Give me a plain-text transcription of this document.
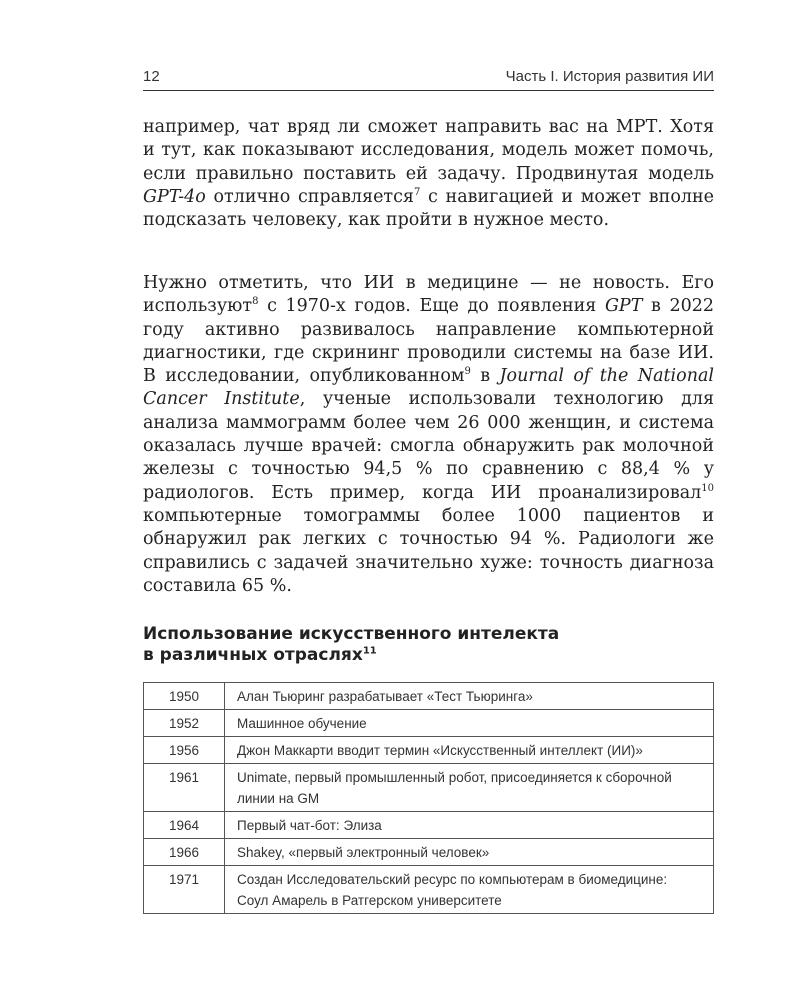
12	Часть I. История развития ИИ

например, чат вряд ли сможет направить вас на МРТ. Хотя и тут, как показывают исследования, модель может помочь, если правильно поставить ей задачу. Продвинутая модель GPT-4o отлично справляется$^7$ с навигацией и может вполне подсказать человеку, как пройти в нужное место.

Нужно отметить, что ИИ в медицине — не новость. Его используют$^8$ с 1970-х годов. Еще до появления GPT в 2022 году активно развивалось направление компьютерной диагностики, где скрининг проводили системы на базе ИИ. В исследовании, опубликованном$^9$ в Journal of the National Cancer Institute, ученые использовали технологию для анализа маммограмм более чем 26 000 женщин, и система оказалась лучше врачей: смогла обнаружить рак молочной железы с точностью 94,5 % по сравнению с 88,4 % у радиологов. Есть пример, когда ИИ проанализировал$^{10}$ компьютерные томограммы более 1000 пациентов и обнаружил рак легких с точностью 94 %. Радиологи же справились с задачей значительно хуже: точность диагноза составила 65 %.

Использование искусственного интелекта
в различных отраслях$^{11}$
1950	Алан Тьюринг разрабатывает «Тест Тьюринга»
1952	Машинное обучение
1956	Джон Маккарти вводит термин «Искусственный интеллект (ИИ)»
1961	Unimate, первый промышленный робот, присоединяется к сборочной линии на GM
1964	Первый чат-бот: Элиза
1966	Shakey, «первый электронный человек»
1971	Создан Исследовательский ресурс по компьютерам в биомедицине: Соул Амарель в Ратгерском университете
